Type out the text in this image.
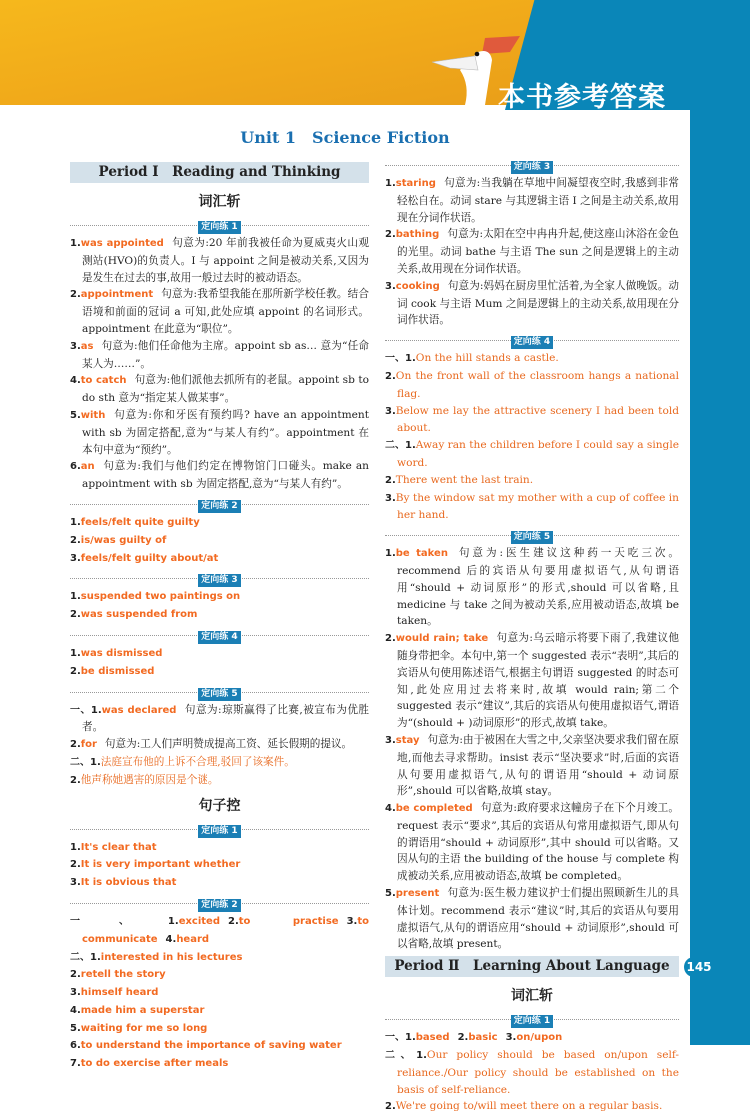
本书参考答案
Unit 1　Science Fiction
Period Ⅰ　Reading and Thinking
词汇斩
定向练 1
1.was appointed 句意为:20 年前我被任命为夏威夷火山观测站(HVO)的负责人。I 与 appoint 之间是被动关系,又因为是发生在过去的事,故用一般过去时的被动语态。
2.appointment 句意为:我希望我能在那所新学校任教。结合语境和前面的冠词 a 可知,此处应填 appoint 的名词形式。appointment 在此意为“职位”。
3.as 句意为:他们任命他为主席。appoint sb as… 意为“任命某人为……”。
4.to catch 句意为:他们派他去抓所有的老鼠。appoint sb to do sth 意为“指定某人做某事”。
5.with 句意为:你和牙医有预约吗? have an appointment with sb 为固定搭配,意为“与某人有约”。appointment 在本句中意为“预约”。
6.an 句意为:我们与他们约定在博物馆门口碰头。make an appointment with sb 为固定搭配,意为“与某人有约”。
定向练 2
1.feels/felt quite guilty
2.is/was guilty of
3.feels/felt guilty about/at
定向练 3
1.suspended two paintings on
2.was suspended from
定向练 4
1.was dismissed
2.be dismissed
定向练 5
一、1.was declared 句意为:琼斯赢得了比赛,被宣布为优胜者。
2.for 句意为:工人们声明赞成提高工资、延长假期的提议。
二、1.法庭宣布他的上诉不合理,驳回了该案件。
2.他声称她遇害的原因是个谜。
句子控
定向练 1
1.It's clear that
2.It is very important whether
3.It is obvious that
定向练 2
一、1.excited 2.to practise 3.to communicate 4.heard
二、1.interested in his lectures
2.retell the story
3.himself heard
4.made him a superstar
5.waiting for me so long
6.to understand the importance of saving water
7.to do exercise after meals
定向练 3
1.staring 句意为:当我躺在草地中间凝望夜空时,我感到非常轻松自在。动词 stare 与其逻辑主语 I 之间是主动关系,故用现在分词作状语。
2.bathing 句意为:太阳在空中冉冉升起,使这座山沐浴在金色的光里。动词 bathe 与主语 The sun 之间是逻辑上的主动关系,故用现在分词作状语。
3.cooking 句意为:妈妈在厨房里忙活着,为全家人做晚饭。动词 cook 与主语 Mum 之间是逻辑上的主动关系,故用现在分词作状语。
定向练 4
一、1.On the hill stands a castle.
2.On the front wall of the classroom hangs a national flag.
3.Below me lay the attractive scenery I had been told about.
二、1.Away ran the children before I could say a single word.
2.There went the last train.
3.By the window sat my mother with a cup of coffee in her hand.
定向练 5
1.be taken 句意为:医生建议这种药一天吃三次。recommend 后的宾语从句要用虚拟语气,从句谓语用“should + 动词原形”的形式,should 可以省略,且 medicine 与 take 之间为被动关系,应用被动语态,故填 be taken。
2.would rain; take 句意为:乌云暗示将要下雨了,我建议他随身带把伞。本句中,第一个 suggested 表示“表明”,其后的宾语从句使用陈述语气,根据主句谓语 suggested 的时态可知,此处应用过去将来时,故填 would rain;第二个 suggested 表示“建议”,其后的宾语从句使用虚拟语气,谓语为“(should + )动词原形”的形式,故填 take。
3.stay 句意为:由于被困在大雪之中,父亲坚决要求我们留在原地,而他去寻求帮助。insist 表示“坚决要求”时,后面的宾语从句要用虚拟语气,从句的谓语用“should + 动词原形”,should 可以省略,故填 stay。
4.be completed 句意为:政府要求这幢房子在下个月竣工。request 表示“要求”,其后的宾语从句常用虚拟语气,即从句的谓语用“should + 动词原形”,其中 should 可以省略。又因从句的主语 the building of the house 与 complete 构成被动关系,应用被动语态,故填 be completed。
5.present 句意为:医生极力建议护士们提出照顾新生儿的具体计划。recommend 表示“建议”时,其后的宾语从句要用虚拟语气,从句的谓语应用“should + 动词原形”,should 可以省略,故填 present。
Period Ⅱ　Learning About Language
词汇斩
定向练 1
一、1.based 2.basic 3.on/upon
二、1.Our policy should be based on/upon self-reliance./Our policy should be established on the basis of self-reliance.
2.We're going to/will meet there on a regular basis.
145
